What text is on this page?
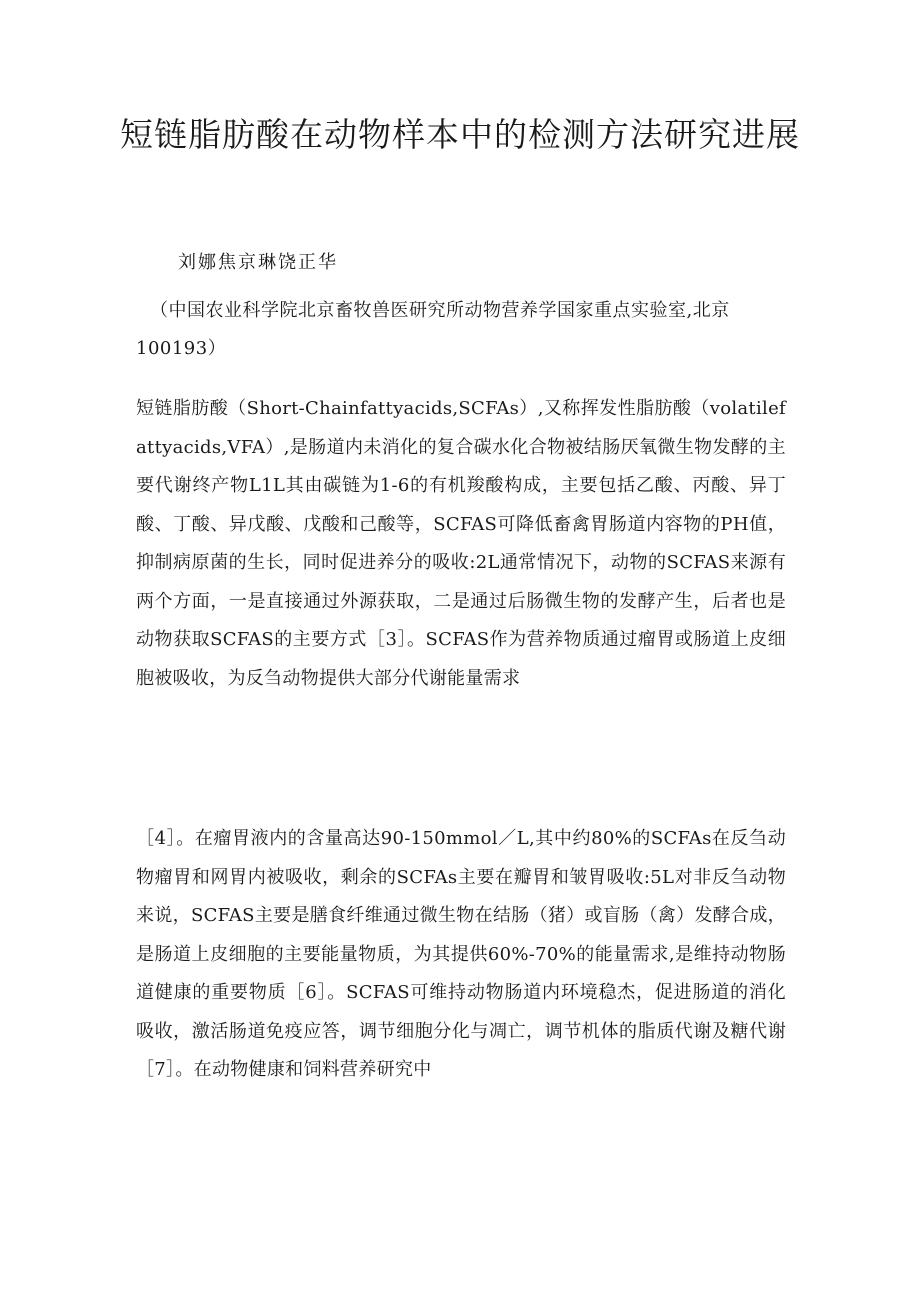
短链脂肪酸在动物样本中的检测方法研究进展
刘娜焦京琳饶正华
（中国农业科学院北京畜牧兽医研究所动物营养学国家重点实验室,北京
100193）

短链脂肪酸（Short-Chainfattyacids,SCFAs）,又称挥发性脂肪酸（volatilefattyacids,VFA）,是肠道内未消化的复合碳水化合物被结肠厌氧微生物发酵的主要代谢终产物L1L其由碳链为1-6的有机羧酸构成，主要包括乙酸、丙酸、异丁酸、丁酸、异戊酸、戊酸和己酸等，SCFAS可降低畜禽胃肠道内容物的PH值，抑制病原菌的生长，同时促进养分的吸收:2L通常情况下，动物的SCFAS来源有两个方面，一是直接通过外源获取，二是通过后肠微生物的发酵产生，后者也是动物获取SCFAS的主要方式［3］。SCFAS作为营养物质通过瘤胃或肠道上皮细胞被吸收，为反刍动物提供大部分代谢能量需求

［4］。在瘤胃液内的含量高达90-150mmol／L,其中约80%的SCFAs在反刍动物瘤胃和网胃内被吸收，剩余的SCFAs主要在瓣胃和皱胃吸收:5L对非反刍动物来说，SCFAS主要是膳食纤维通过微生物在结肠（猪）或盲肠（禽）发酵合成，是肠道上皮细胞的主要能量物质，为其提供60%-70%的能量需求,是维持动物肠道健康的重要物质［6］。SCFAS可维持动物肠道内环境稳杰，促进肠道的消化吸收，激活肠道免疫应答，调节细胞分化与凋亡，调节机体的脂质代谢及糖代谢［7］。在动物健康和饲料营养研究中
